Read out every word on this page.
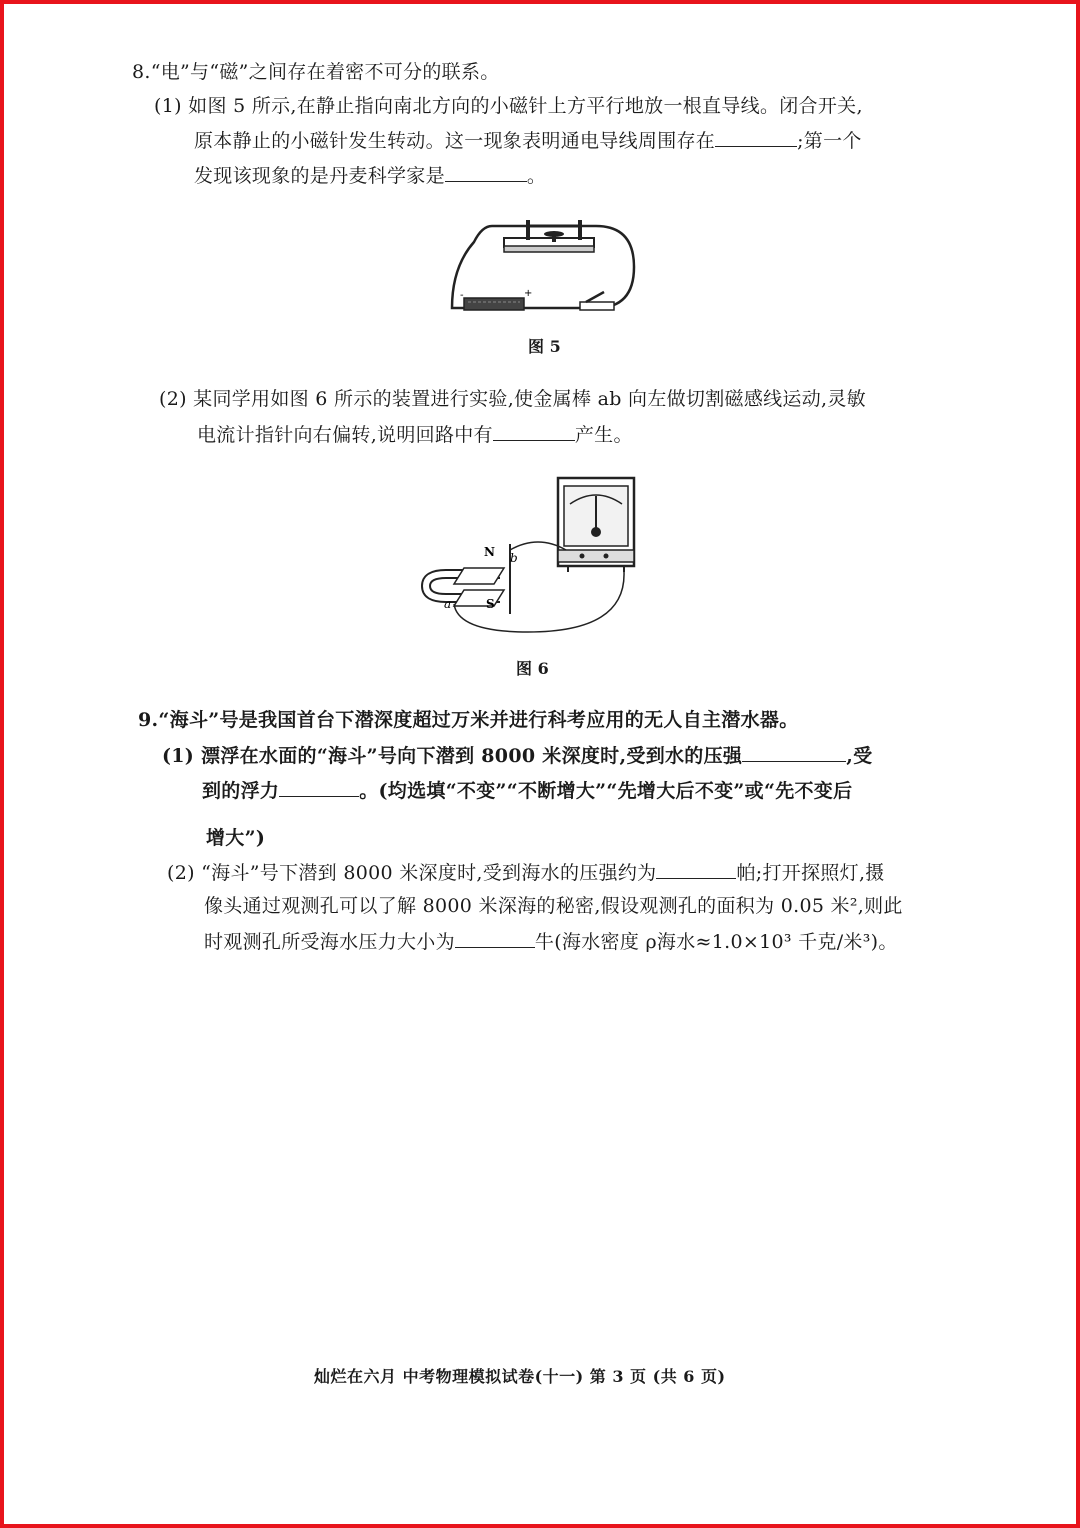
8.“电”与“磁”之间存在着密不可分的联系。
(1) 如图 5 所示,在静止指向南北方向的小磁针上方平行地放一根直导线。闭合开关,
原本静止的小磁针发生转动。这一现象表明通电导线周围存在	;第一个
发现该现象的是丹麦科学家是	。
-	+
图 5
(2) 某同学用如图 6 所示的装置进行实验,使金属棒 ab 向左做切割磁感线运动,灵敏
电流计指针向右偏转,说明回路中有	产生。
N
S
a
b
图 6
9.“海斗”号是我国首台下潜深度超过万米并进行科考应用的无人自主潜水器。
(1) 漂浮在水面的“海斗”号向下潜到 8000 米深度时,受到水的压强	,受
到的浮力	。(均选填“不变”“不断增大”“先增大后不变”或“先不变后
增大”)
(2) “海斗”号下潜到 8000 米深度时,受到海水的压强约为	帕;打开探照灯,摄
像头通过观测孔可以了解 8000 米深海的秘密,假设观测孔的面积为 0.05 米²,则此
时观测孔所受海水压力大小为	牛(海水密度 ρ海水≈1.0×10³ 千克/米³)。
灿烂在六月 中考物理模拟试卷(十一) 第 3 页 (共 6 页)
